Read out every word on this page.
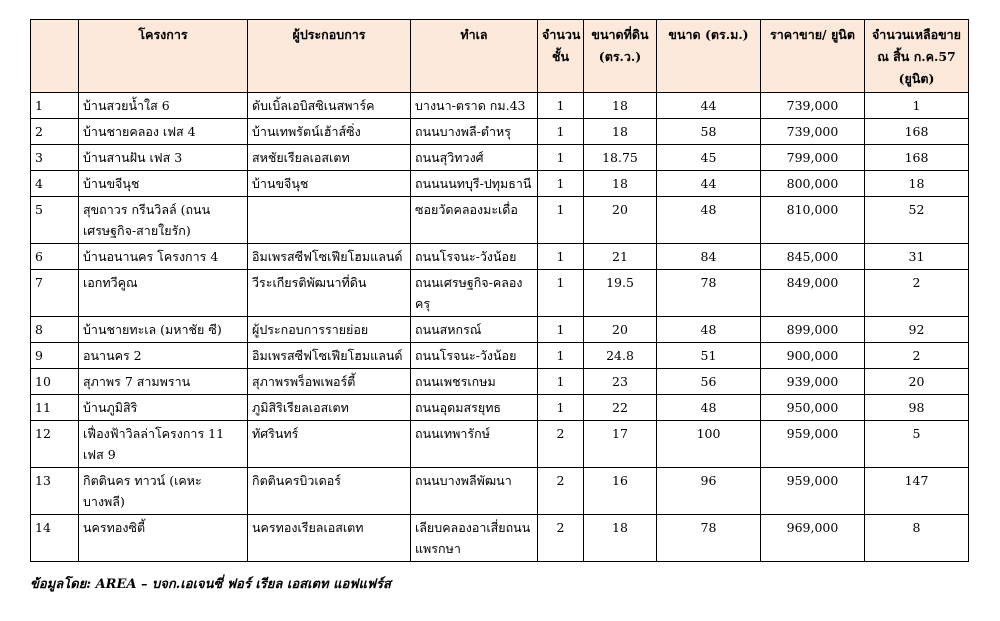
	โครงการ	ผู้ประกอบการ	ทำเล	จำนวนชั้น	ขนาดที่ดิน (ตร.ว.)	ขนาด (ตร.ม.)	ราคาขาย/ ยูนิต	จำนวนเหลือขาย ณ สิ้น ก.ค.57 (ยูนิต)
1	บ้านสวยน้ำใส 6	ดับเบิ้ลเอบิสซิเนสพาร์ค	บางนา-ตราด กม.43	1	18	44	739,000	1
2	บ้านชายคลอง เฟส 4	บ้านเทพรัตน์เฮ้าส์ซิ่ง	ถนนบางพลี-ตำหรุ	1	18	58	739,000	168
3	บ้านสานฝัน เฟส 3	สหชัยเรียลเอสเตท	ถนนสุวิทวงศ์	1	18.75	45	799,000	168
4	บ้านขจีนุช	บ้านขจีนุช	ถนนนนทบุรี-ปทุมธานี	1	18	44	800,000	18
5	สุขถาวร กรีนวิลล์ (ถนน เศรษฐกิจ-สายใยรัก)		ซอยวัดคลองมะเดื่อ	1	20	48	810,000	52
6	บ้านอนานคร โครงการ 4	อิมเพรสซีฟโซเฟียโฮมแลนด์	ถนนโรจนะ-วังน้อย	1	21	84	845,000	31
7	เอกทวีคูณ	วีระเกียรติพัฒนาที่ดิน	ถนนเศรษฐกิจ-คลอง ครุ	1	19.5	78	849,000	2
8	บ้านชายทะเล (มหาชัย ซี)	ผู้ประกอบการรายย่อย	ถนนสหกรณ์	1	20	48	899,000	92
9	อนานคร 2	อิมเพรสซีฟโซเฟียโฮมแลนด์	ถนนโรจนะ-วังน้อย	1	24.8	51	900,000	2
10	สุภาพร 7 สามพราน	สุภาพรพร็อพเพอร์ตี้	ถนนเพชรเกษม	1	23	56	939,000	20
11	บ้านภูมิสิริ	ภูมิสิริเรียลเอสเตท	ถนนอุดมสรยุทธ	1	22	48	950,000	98
12	เฟื่องฟ้าวิลล่าโครงการ 11 เฟส 9	ทัศรินทร์	ถนนเทพารักษ์	2	17	100	959,000	5
13	กิตตินคร ทาวน์ (เคหะบางพลี)	กิตตินครบิวเดอร์	ถนนบางพลีพัฒนา	2	16	96	959,000	147
14	นครทองซิตี้	นครทองเรียลเอสเตท	เลียบคลองอาเสี่ยถนนแพรกษา	2	18	78	969,000	8
ข้อมูลโดย: AREA – บจก.เอเจนซี่ ฟอร์ เรียล เอสเตท แอฟแฟร์ส
